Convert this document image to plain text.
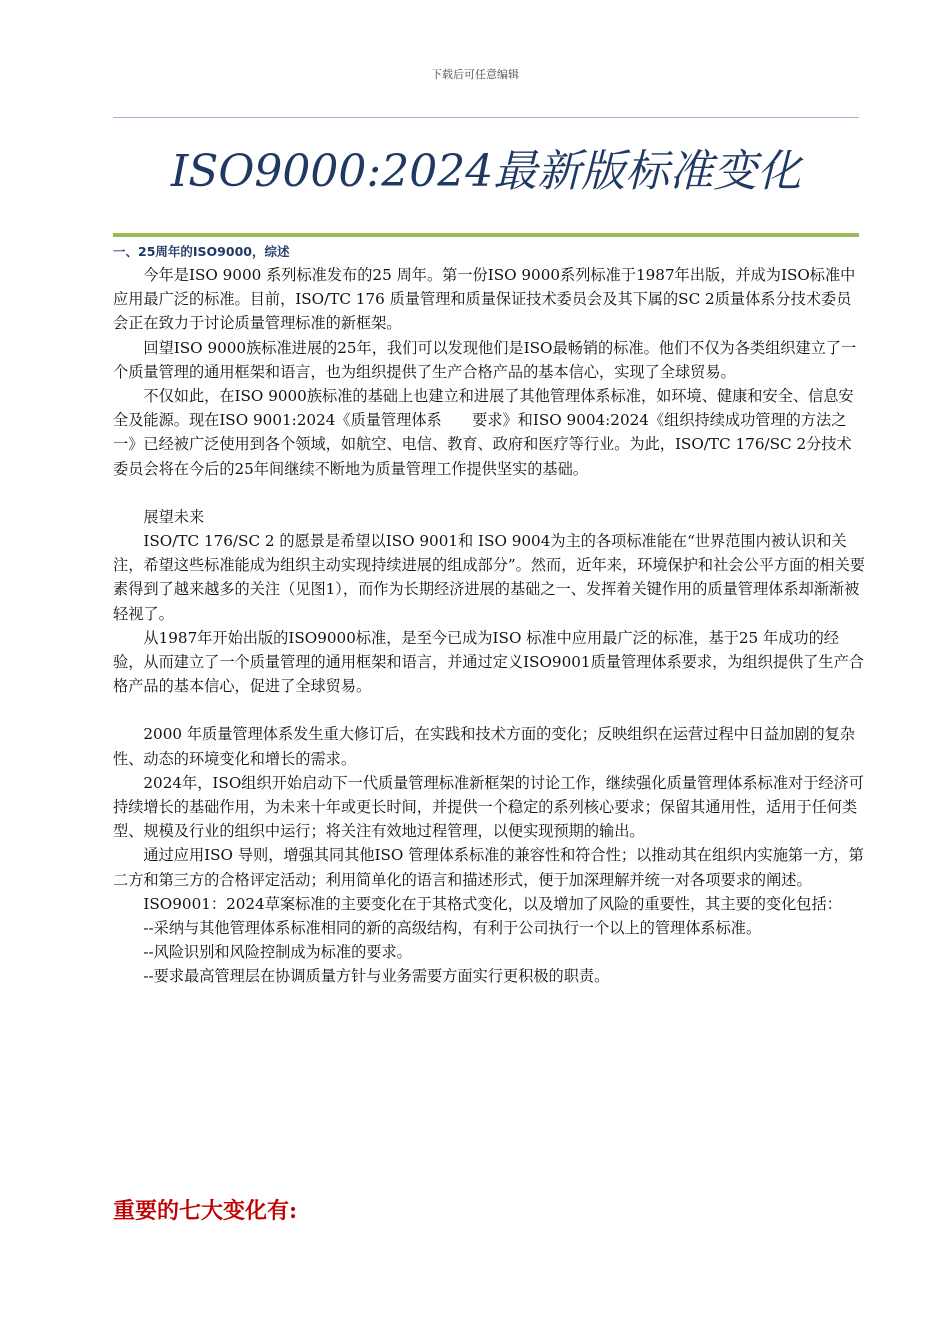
下载后可任意编辑
ISO9000:2024最新版标准变化
一、25周年的ISO9000，综述

今年是ISO 9000 系列标准发布的25 周年。第一份ISO 9000系列标准于1987年出版，并成为ISO标准中应用最广泛的标准。目前，ISO/TC 176 质量管理和质量保证技术委员会及其下属的SC 2质量体系分技术委员会正在致力于讨论质量管理标准的新框架。

回望ISO 9000族标准进展的25年，我们可以发现他们是ISO最畅销的标准。他们不仅为各类组织建立了一个质量管理的通用框架和语言，也为组织提供了生产合格产品的基本信心，实现了全球贸易。

不仅如此，在ISO 9000族标准的基础上也建立和进展了其他管理体系标准，如环境、健康和安全、信息安全及能源。现在ISO 9001:2024《质量管理体系　　要求》和ISO 9004:2024《组织持续成功管理的方法之一》已经被广泛使用到各个领域，如航空、电信、教育、政府和医疗等行业。为此，ISO/TC 176/SC 2分技术委员会将在今后的25年间继续不断地为质量管理工作提供坚实的基础。

展望未来

ISO/TC 176/SC 2 的愿景是希望以ISO 9001和 ISO 9004为主的各项标准能在“世界范围内被认识和关注，希望这些标准能成为组织主动实现持续进展的组成部分”。然而，近年来，环境保护和社会公平方面的相关要素得到了越来越多的关注（见图1），而作为长期经济进展的基础之一、发挥着关键作用的质量管理体系却渐渐被轻视了。

从1987年开始出版的ISO9000标准，是至今已成为ISO 标准中应用最广泛的标准，基于25 年成功的经验，从而建立了一个质量管理的通用框架和语言，并通过定义ISO9001质量管理体系要求，为组织提供了生产合格产品的基本信心，促进了全球贸易。

2000 年质量管理体系发生重大修订后，在实践和技术方面的变化；反映组织在运营过程中日益加剧的复杂性、动态的环境变化和增长的需求。

2024年，ISO组织开始启动下一代质量管理标准新框架的讨论工作，继续强化质量管理体系标准对于经济可持续增长的基础作用，为未来十年或更长时间，并提供一个稳定的系列核心要求；保留其通用性，适用于任何类型、规模及行业的组织中运行；将关注有效地过程管理，以便实现预期的输出。

通过应用ISO 导则，增强其同其他ISO 管理体系标准的兼容性和符合性；以推动其在组织内实施第一方，第二方和第三方的合格评定活动；利用简单化的语言和描述形式，便于加深理解并统一对各项要求的阐述。

ISO9001：2024草案标准的主要变化在于其格式变化，以及增加了风险的重要性，其主要的变化包括：

--采纳与其他管理体系标准相同的新的高级结构，有利于公司执行一个以上的管理体系标准。

--风险识别和风险控制成为标准的要求。

--要求最高管理层在协调质量方针与业务需要方面实行更积极的职责。

重要的七大变化有:
